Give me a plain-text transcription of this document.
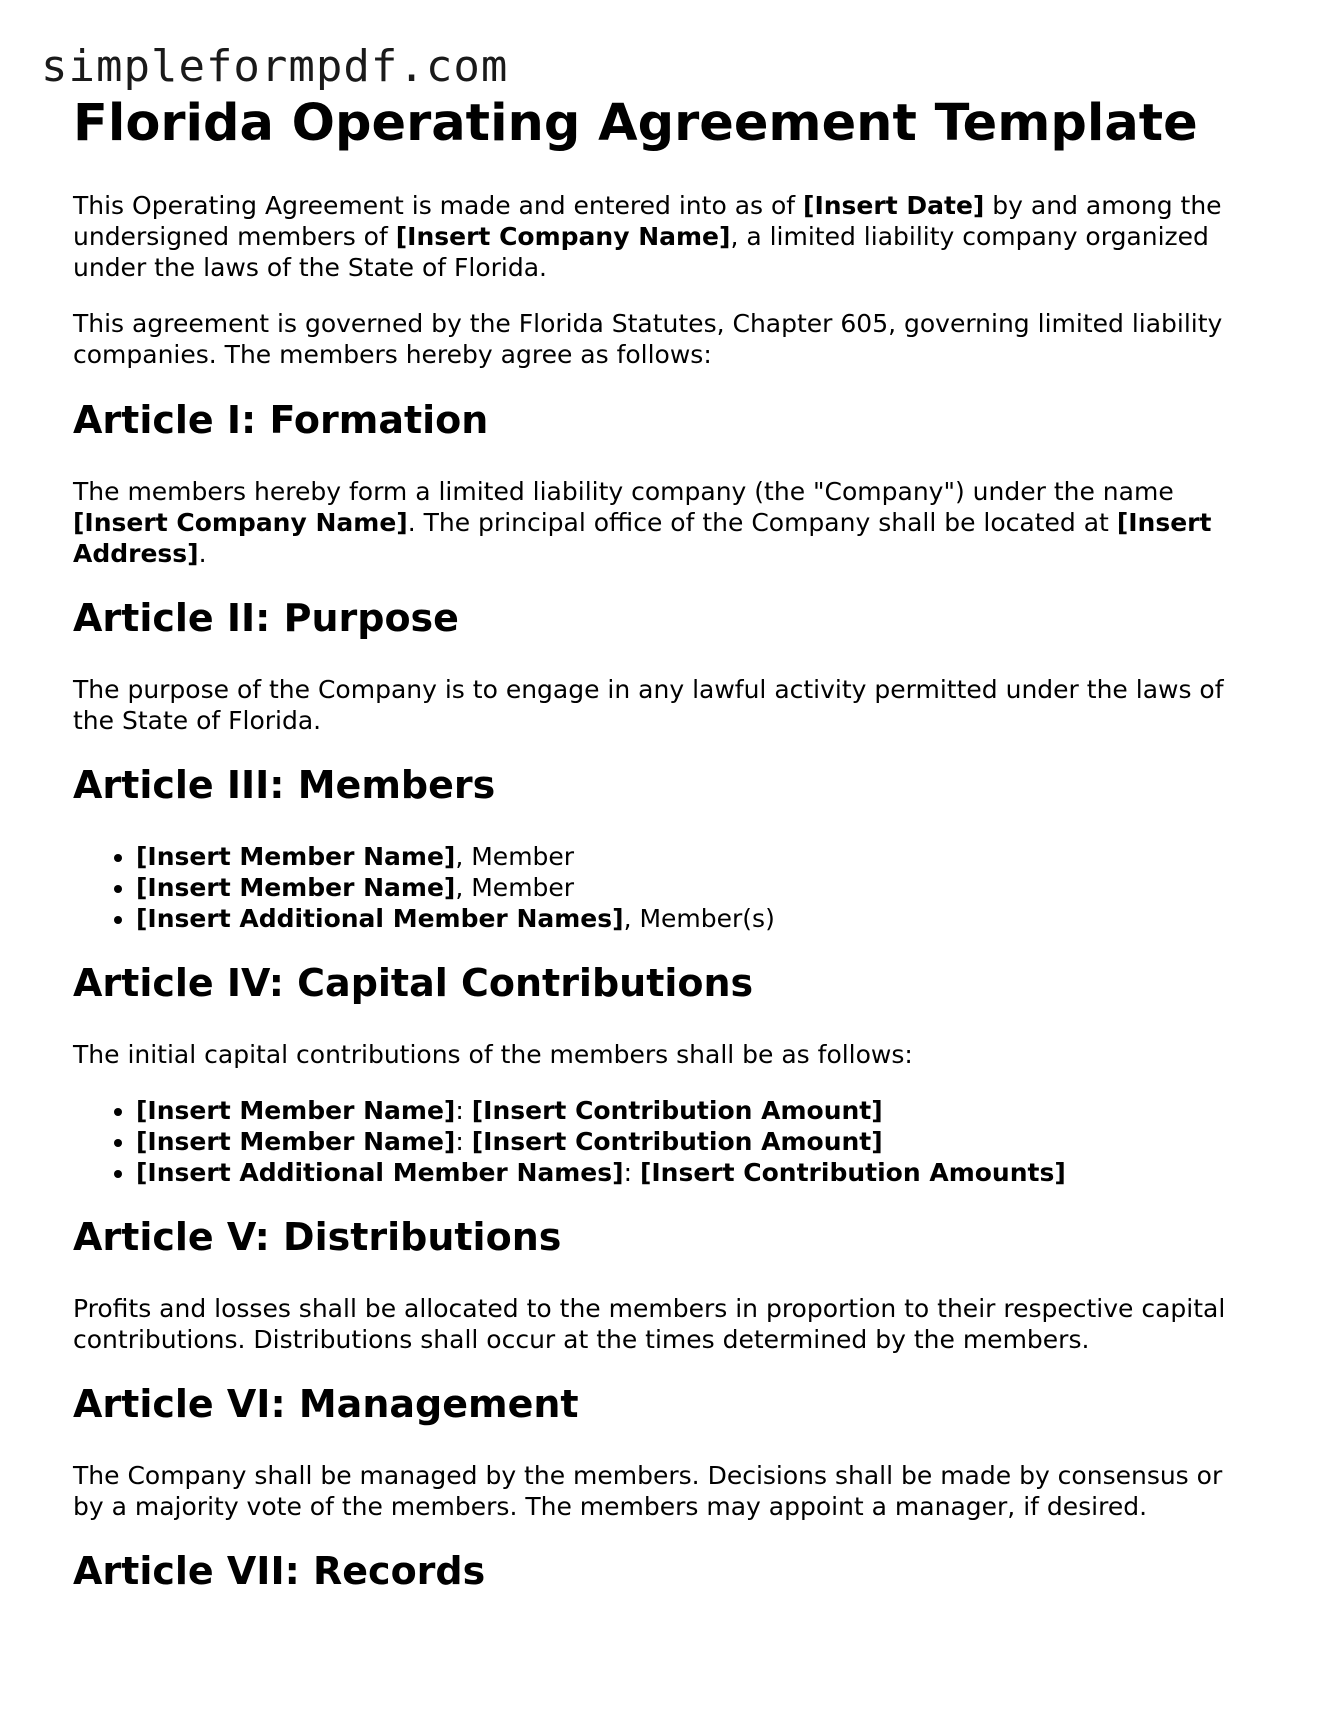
simpleformpdf.com
Florida Operating Agreement Template

This Operating Agreement is made and entered into as of [Insert Date] by and among the undersigned members of [Insert Company Name], a limited liability company organized under the laws of the State of Florida.

This agreement is governed by the Florida Statutes, Chapter 605, governing limited liability companies. The members hereby agree as follows:

Article I: Formation

The members hereby form a limited liability company (the "Company") under the name [Insert Company Name]. The principal office of the Company shall be located at [Insert Address].

Article II: Purpose

The purpose of the Company is to engage in any lawful activity permitted under the laws of the State of Florida.

Article III: Members
• [Insert Member Name], Member
• [Insert Member Name], Member
• [Insert Additional Member Names], Member(s)
Article IV: Capital Contributions

The initial capital contributions of the members shall be as follows:

• [Insert Member Name]: [Insert Contribution Amount]
• [Insert Member Name]: [Insert Contribution Amount]
• [Insert Additional Member Names]: [Insert Contribution Amounts]
Article V: Distributions

Profits and losses shall be allocated to the members in proportion to their respective capital contributions. Distributions shall occur at the times determined by the members.

Article VI: Management

The Company shall be managed by the members. Decisions shall be made by consensus or by a majority vote of the members. The members may appoint a manager, if desired.

Article VII: Records
